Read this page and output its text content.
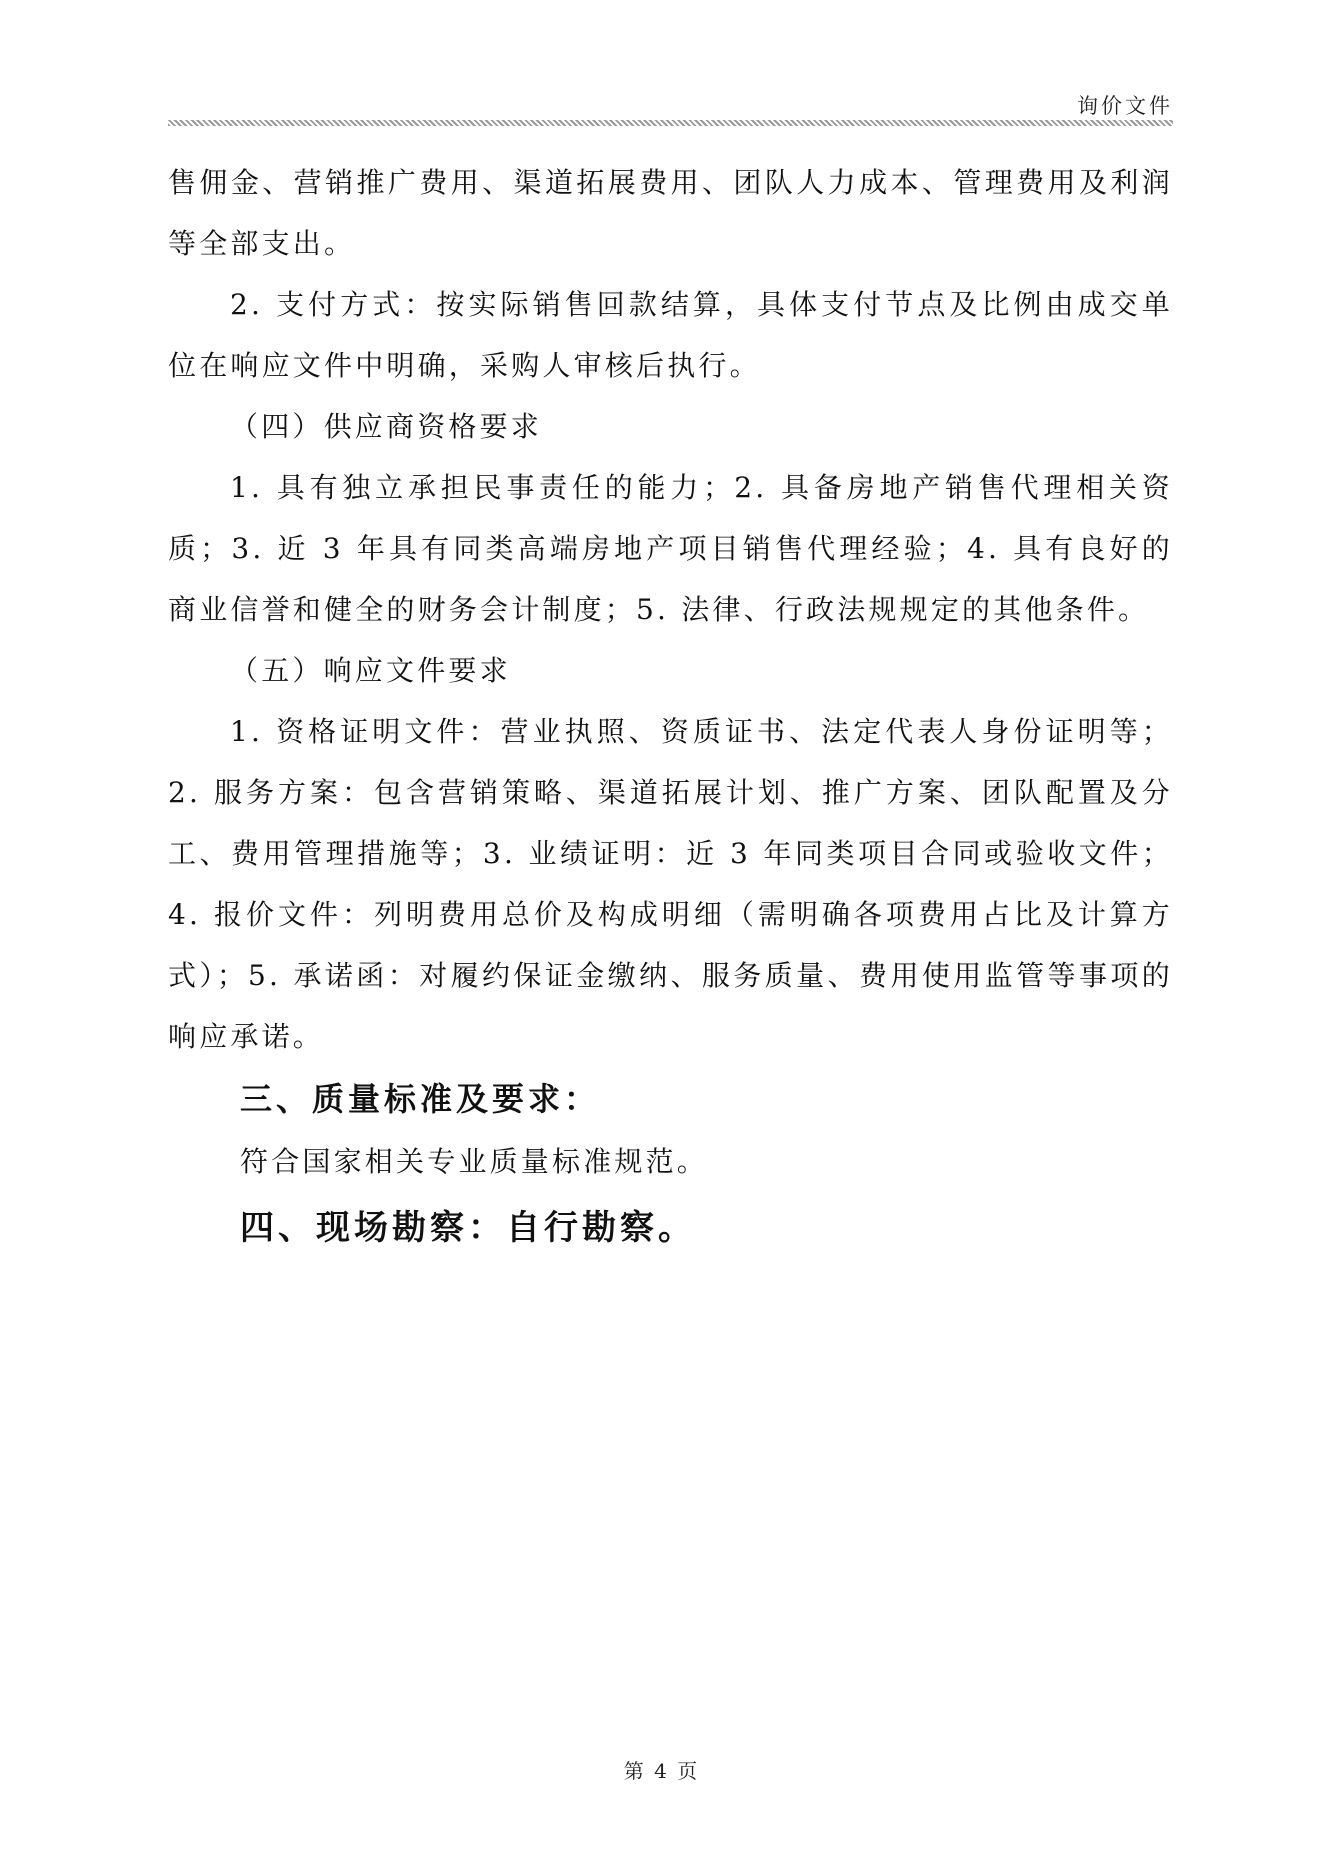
询价文件

售佣金、营销推广费用、渠道拓展费用、团队人力成本、管理费用及利润 等全部支出。

2. 支付方式：按实际销售回款结算，具体支付节点及比例由成交单位在响应文件中明确，采购人审核后执行。

（四）供应商资格要求

1. 具有独立承担民事责任的能力；2. 具备房地产销售代理相关资质；3. 近 3 年具有同类高端房地产项目销售代理经验；4. 具有良好的商业信誉和健全的财务会计制度；5. 法律、行政法规规定的其他条件。

（五）响应文件要求

1. 资格证明文件：营业执照、资质证书、法定代表人身份证明等；2. 服务方案：包含营销策略、渠道拓展计划、推广方案、团队配置及分工、费用管理措施等；3. 业绩证明：近 3 年同类项目合同或验收文件；4. 报价文件：列明费用总价及构成明细（需明确各项费用占比及计算方式）；5. 承诺函：对履约保证金缴纳、服务质量、费用使用监管等事项的响应承诺。

三、质量标准及要求：

符合国家相关专业质量标准规范。

四、现场勘察：自行勘察。

第 4 页
